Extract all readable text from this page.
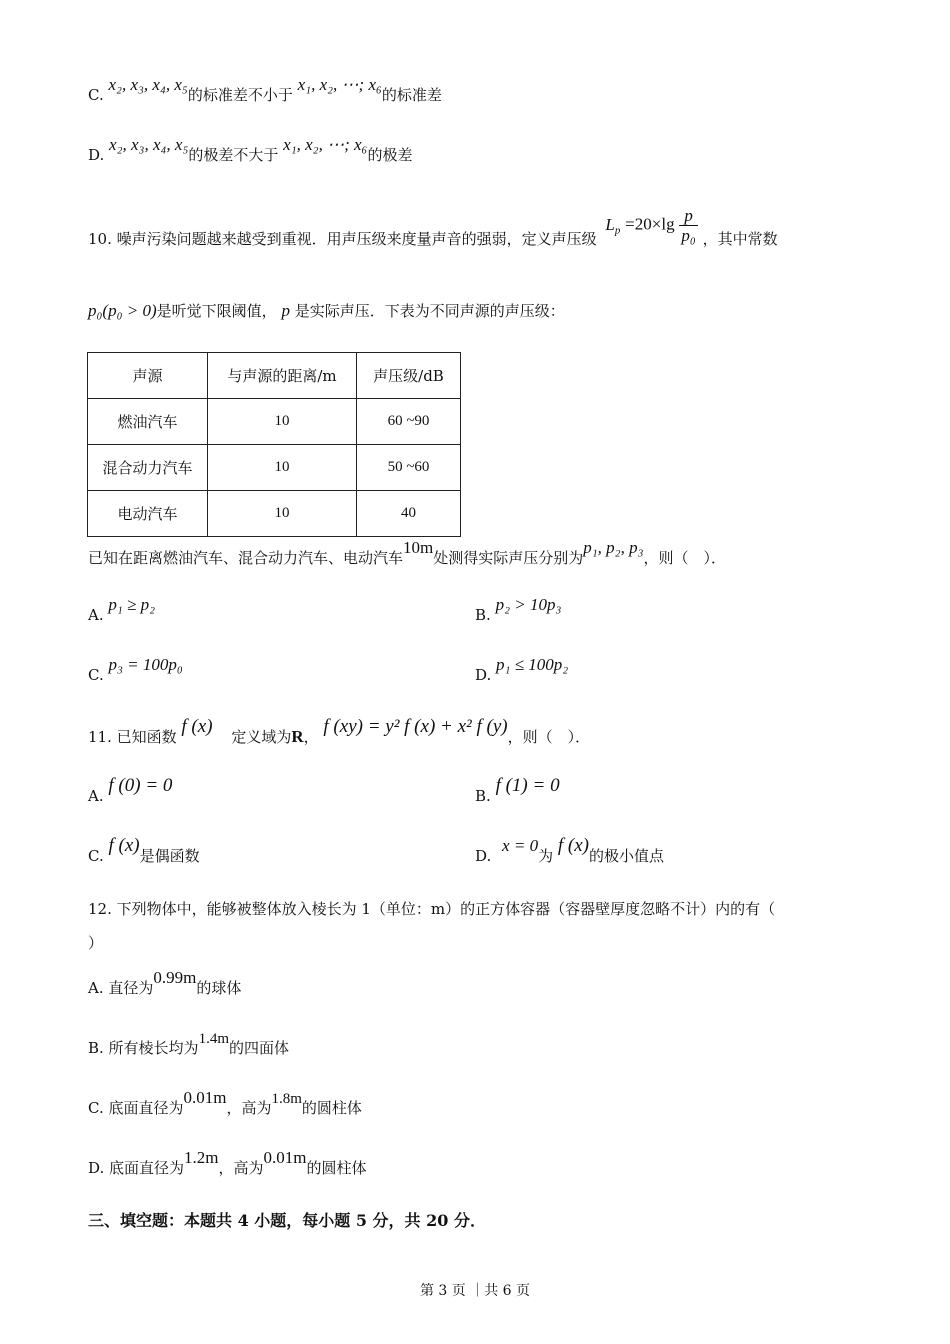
C. x₂, x₃, x₄, x₅的标准差不小于 x₁, x₂, ⋯; x₆的标准差
D. x₂, x₃, x₄, x₅的极差不大于 x₁, x₂, ⋯; x₆的极差
10. 噪声污染问题越来越受到重视．用声压级来度量声音的强弱，定义声压级 $L_p =20\times\lg \frac{p}{\text{p₀}}$ ，其中常数
p₀(p₀ > 0)是听觉下限阈值， p 是实际声压．下表为不同声源的声压级：
声源	与声源的距离/m	声压级/dB
燃油汽车	10	60 ~90
混合动力汽车	10	50 ~60
电动汽车	10	40
已知在距离燃油汽车、混合动力汽车、电动汽车10m处测得实际声压分别为p₁, p₂, p₃，则（　）．
A. p₁ ≥ p₂
B. p₂ > 10p₃
C. p₃ = 100p₀
D. p₁ ≤ 100p₂
11. 已知函数 f (x) 定义域为R， f (xy) = y² f (x) + x² f (y)，则（　）．
A. f (0) = 0	B. f (1) = 0
C. f (x)是偶函数	D. x = 0为 f (x)的极小值点
12. 下列物体中，能够被整体放入棱长为 1（单位：m）的正方体容器（容器壁厚度忽略不计）内的有（
）
A. 直径为0.99m的球体
B. 所有棱长均为1.4m的四面体
C. 底面直径为0.01m，高为1.8m的圆柱体
D. 底面直径为1.2m，高为0.01m的圆柱体
三、填空题：本题共 4 小题，每小题 5 分，共 20 分．
第 3 页 ｜共 6 页
